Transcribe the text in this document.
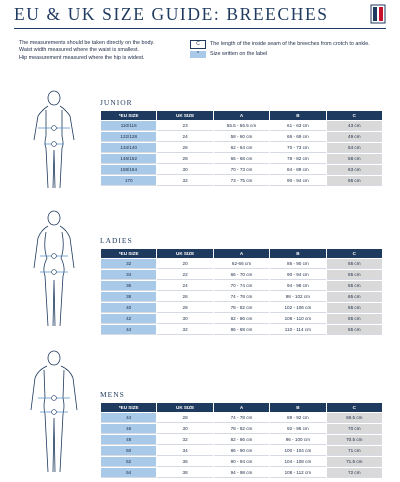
EU & UK SIZE GUIDE: BREECHES
The measurements should be taken directly on the body.
Waist width measured where the waist is smallest.
Hip measurement measured where the hip is widest.
C	The length of the inside seam of the breeches from crotch to ankle.
*	Size written on the label
JUNIOR
*EU SIZE	UK SIZE	A	B	C
110/116	23	55.5 - 56.5 cm	61 - 63 cm	43 cm
122/128	24	58 - 60 cm	66 - 69 cm	49 cm
134/140	26	62 - 64 cm	70 - 73 cm	54 cm
146/152	28	65 - 68 cm	78 - 82 cm	58 cm
158/164	30	70 - 73 cm	84 - 89 cm	63 cm
170	32	73 - 75 cm	90 - 94 cm	65 cm
LADIES
*EU SIZE	UK SIZE	A	B	C
32	20	62-66 cm	86 - 90 cm	65 cm
34	22	66 - 70 cm	90 - 94 cm	65 cm
36	24	70 - 74 cm	94 - 98 cm	65 cm
38	26	74 - 78 cm	98 - 102 cm	65 cm
40	28	78 - 82 cm	102 - 106 cm	65 cm
42	30	82 - 86 cm	106 - 110 cm	65 cm
44	32	86 - 88 cm	110 - 114 cm	65 cm
MENS
*EU SIZE	UK SIZE	A	B	C
44	28	74 - 78 cm	88 - 92 cm	69.5 cm
46	30	78 - 82 cm	92 - 96 cm	70 cm
48	32	82 - 86 cm	96 - 100 cm	70.5 cm
50	34	86 - 90 cm	100 - 104 cm	71 cm
52	36	90 - 94 cm	104 - 108 cm	71.5 cm
54	38	94 - 98 cm	108 - 112 cm	72 cm
